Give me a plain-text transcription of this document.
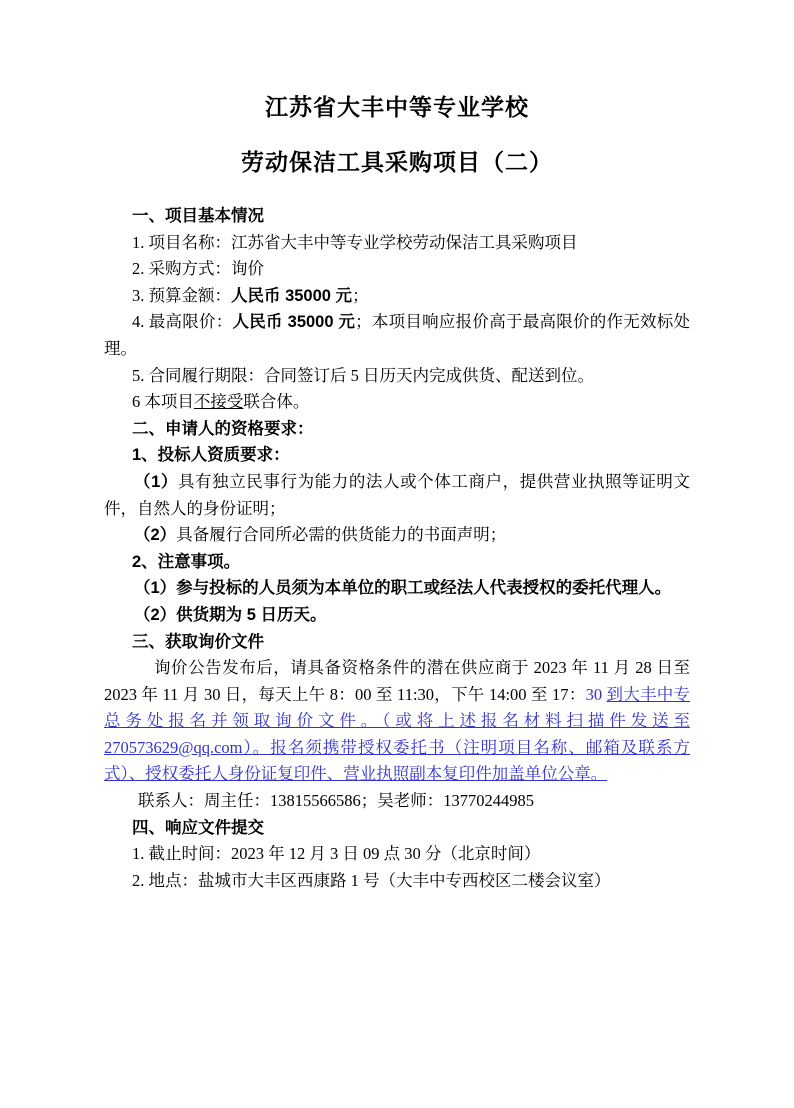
江苏省大丰中等专业学校
劳动保洁工具采购项目（二）

一、项目基本情况

1. 项目名称：江苏省大丰中等专业学校劳动保洁工具采购项目

2. 采购方式：询价

3. 预算金额：人民币 35000 元；

4. 最高限价：人民币 35000 元；本项目响应报价高于最高限价的作无效标处理。

5. 合同履行期限：合同签订后 5 日历天内完成供货、配送到位。

6 本项目不接受联合体。

二、申请人的资格要求：

1、投标人资质要求：

（1）具有独立民事行为能力的法人或个体工商户，提供营业执照等证明文件，自然人的身份证明；

（2）具备履行合同所必需的供货能力的书面声明；

2、注意事项。

（1）参与投标的人员须为本单位的职工或经法人代表授权的委托代理人。

（2）供货期为 5 日历天。

三、获取询价文件

询价公告发布后，请具备资格条件的潜在供应商于 2023 年 11 月 28 日至 2023 年 11 月 30 日，每天上午 8：00 至 11:30，下午 14:00 至 17：30 到大丰中专总务处报名并领取询价文件。（或将上述报名材料扫描件发送至 270573629@qq.com）。报名须携带授权委托书（注明项目名称、邮箱及联系方式）、授权委托人身份证复印件、营业执照副本复印件加盖单位公章。

联系人：周主任：13815566586；吴老师：13770244985

四、响应文件提交

1. 截止时间：2023 年 12 月 3 日 09 点 30 分（北京时间）

2. 地点：盐城市大丰区西康路 1 号（大丰中专西校区二楼会议室）
